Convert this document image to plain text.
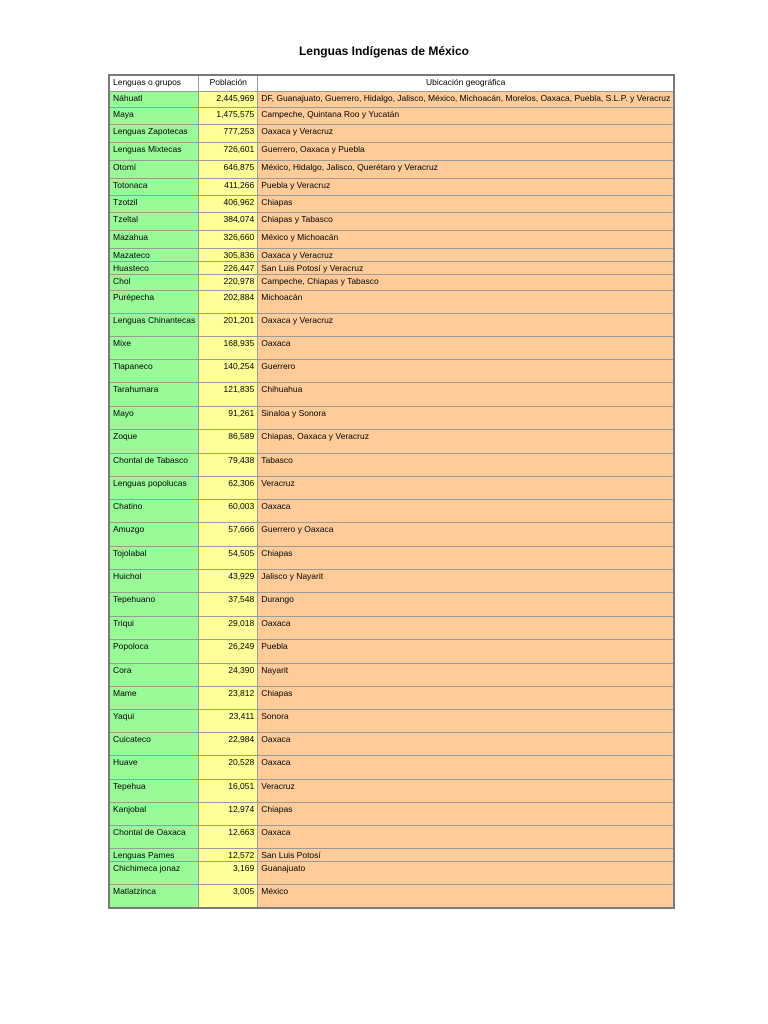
Lenguas Indígenas de México
Lenguas o grupos	Población	Ubicación geográfica
Náhuatl	2,445,969	DF, Guanajuato, Guerrero, Hidalgo, Jalisco, México, Michoacán, Morelos, Oaxaca, Puebla, S.L.P. y Veracruz
Maya	1,475,575	Campeche, Quintana Roo y Yucatán
Lenguas Zapotecas	777,253	Oaxaca y Veracruz
Lenguas Mixtecas	726,601	Guerrero, Oaxaca y Puebla
Otomí	646,875	México, Hidalgo, Jalisco, Querétaro y Veracruz
Totonaca	411,266	Puebla y Veracruz
Tzotzil	406,962	Chiapas
Tzeltal	384,074	Chiapas y Tabasco
Mazahua	326,660	México y Michoacán
Mazateco	305,836	Oaxaca y Veracruz
Huasteco	226,447	San Luis Potosí y Veracruz
Chol	220,978	Campeche, Chiapas y Tabasco
Purépecha	202,884	Michoacán
Lenguas Chinantecas	201,201	Oaxaca y Veracruz
Mixe	168,935	Oaxaca
Tlapaneco	140,254	Guerrero
Tarahumara	121,835	Chihuahua
Mayo	91,261	Sinaloa y Sonora
Zoque	86,589	Chiapas, Oaxaca y Veracruz
Chontal de Tabasco	79,438	Tabasco
Lenguas popolucas	62,306	Veracruz
Chatino	60,003	Oaxaca
Amuzgo	57,666	Guerrero y Oaxaca
Tojolabal	54,505	Chiapas
Huichol	43,929	Jalisco y Nayarit
Tepehuano	37,548	Durango
Triqui	29,018	Oaxaca
Popoloca	26,249	Puebla
Cora	24,390	Nayarit
Mame	23,812	Chiapas
Yaqui	23,411	Sonora
Cuicateco	22,984	Oaxaca
Huave	20,528	Oaxaca
Tepehua	16,051	Veracruz
Kanjobal	12,974	Chiapas
Chontal de Oaxaca	12,663	Oaxaca
Lenguas Pames	12,572	San Luis Potosí
Chichimeca jonaz	3,169	Guanajuato
Matlatzinca	3,005	México
